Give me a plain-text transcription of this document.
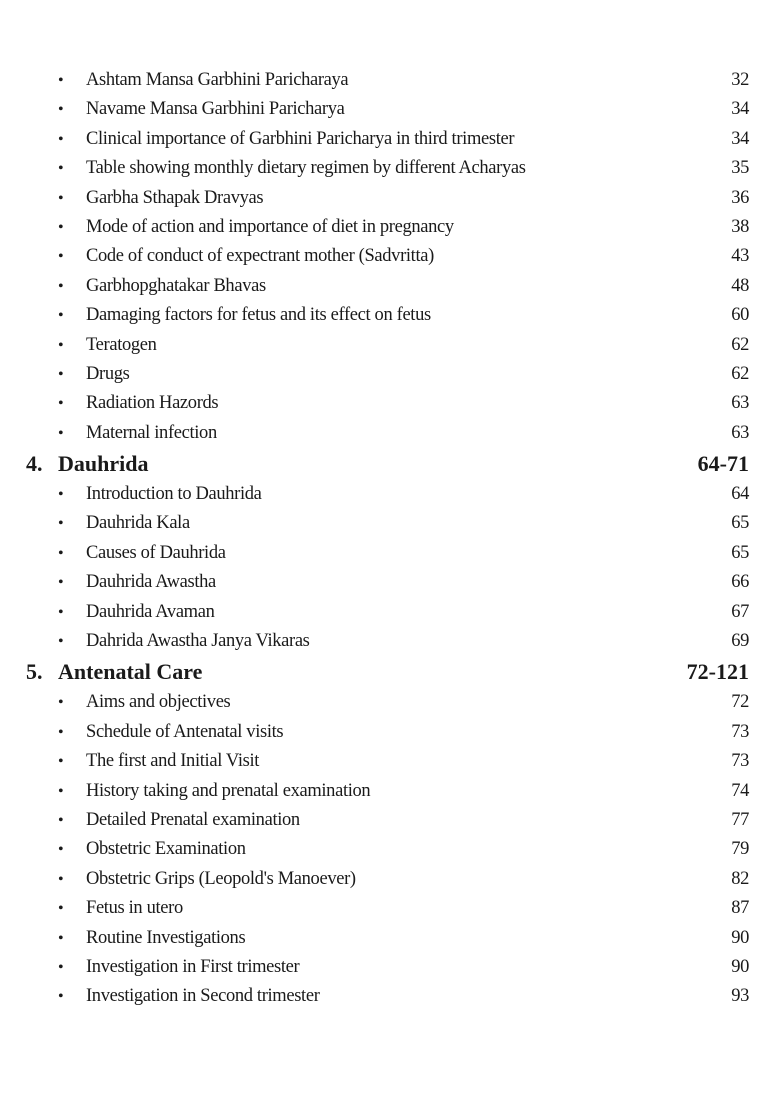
•	Ashtam Mansa Garbhini Paricharaya	32
•	Navame Mansa Garbhini Paricharya	34
•	Clinical importance of Garbhini Paricharya in third trimester	34
•	Table showing monthly dietary regimen by different Acharyas	35
•	Garbha Sthapak Dravyas	36
•	Mode of action and importance of diet in pregnancy	38
•	Code of conduct of expectrant mother (Sadvritta)	43
•	Garbhopghatakar Bhavas	48
•	Damaging factors for fetus and its effect on fetus	60
•	Teratogen	62
•	Drugs	62
•	Radiation Hazords	63
•	Maternal infection	63
4. Dauhrida	64-71
•	Introduction to Dauhrida	64
•	Dauhrida Kala	65
•	Causes of Dauhrida	65
•	Dauhrida Awastha	66
•	Dauhrida Avaman	67
•	Dahrida Awastha Janya Vikaras	69
5. Antenatal Care	72-121
•	Aims and objectives	72
•	Schedule of Antenatal visits	73
•	The first and Initial Visit	73
•	History taking and prenatal examination	74
•	Detailed Prenatal examination	77
•	Obstetric Examination	79
•	Obstetric Grips (Leopold's Manoever)	82
•	Fetus in utero	87
•	Routine Investigations	90
•	Investigation in First trimester	90
•	Investigation in Second trimester	93
